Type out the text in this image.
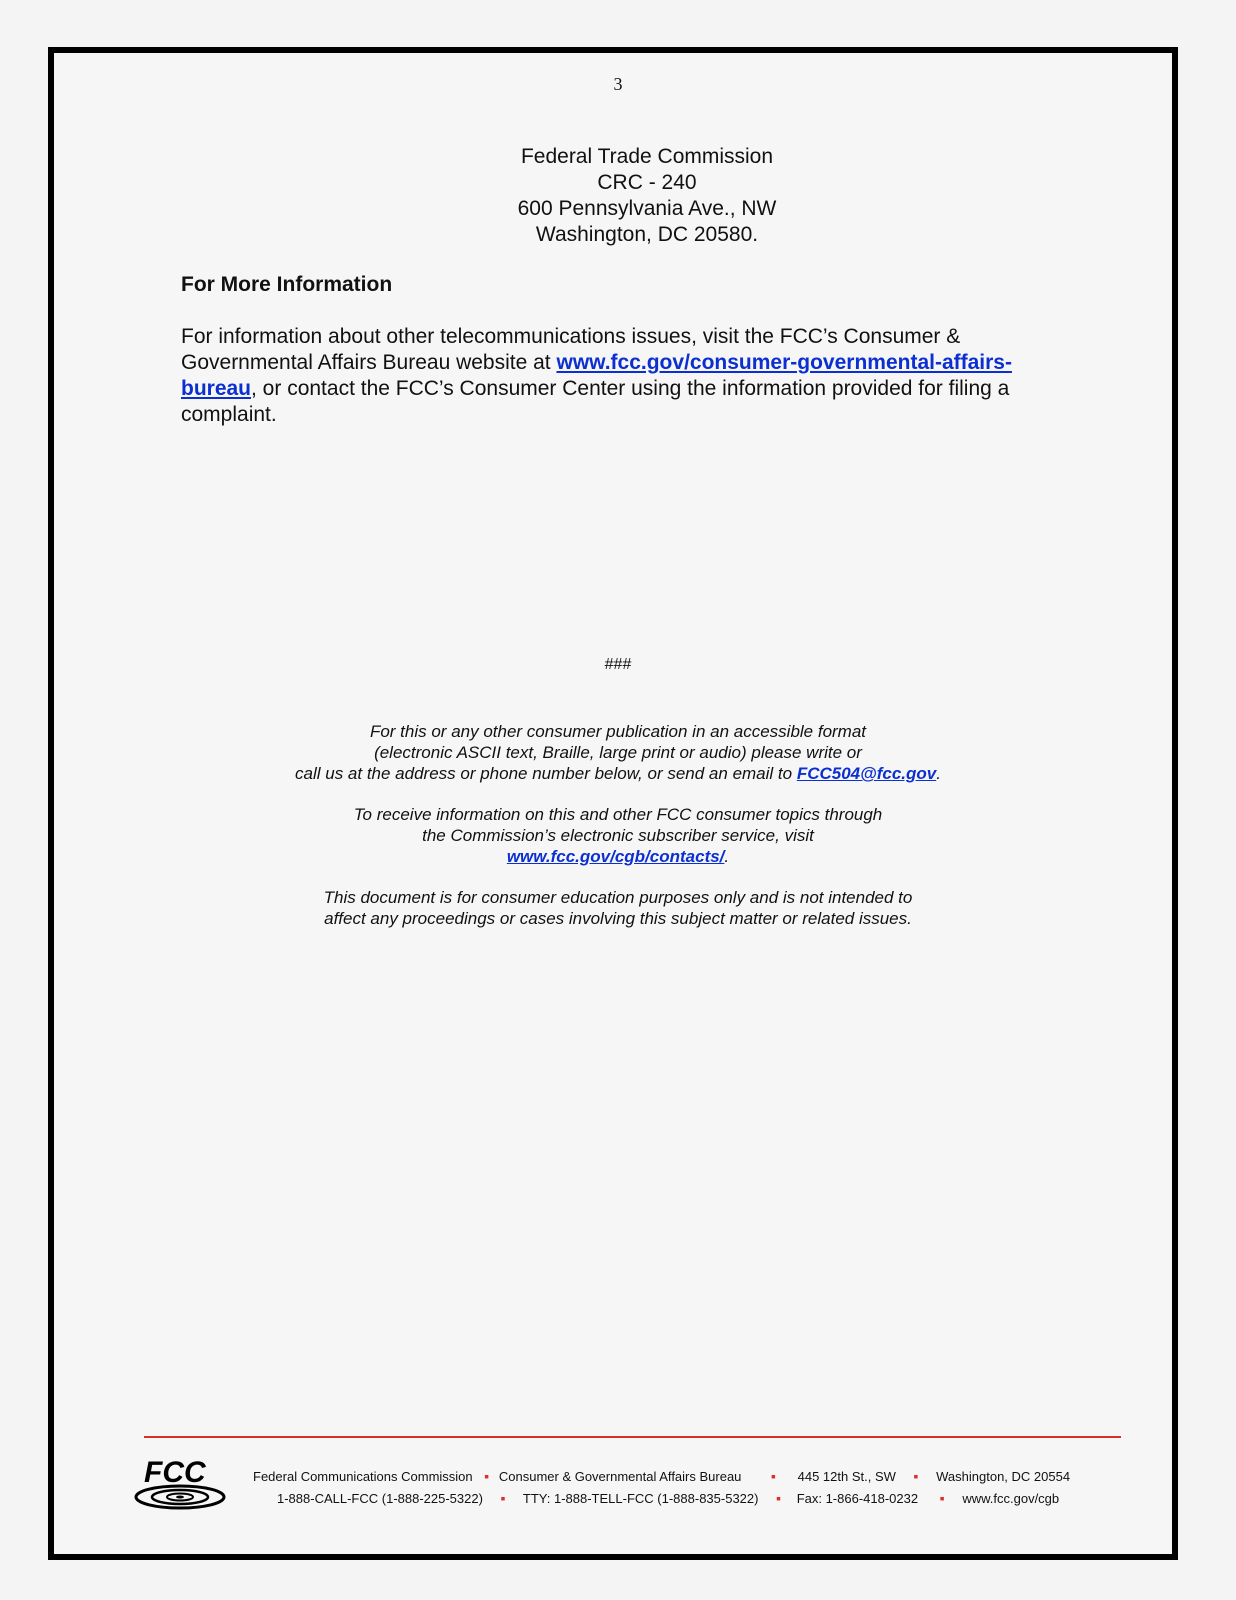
3
Federal Trade Commission
CRC - 240
600 Pennsylvania Ave., NW
Washington, DC 20580.
For More Information

For information about other telecommunications issues, visit the FCC’s Consumer & Governmental Affairs Bureau website at www.fcc.gov/consumer-governmental-affairs-bureau, or contact the FCC’s Consumer Center using the information provided for filing a complaint.

###

For this or any other consumer publication in an accessible format
(electronic ASCII text, Braille, large print or audio) please write or
call us at the address or phone number below, or send an email to FCC504@fcc.gov.

To receive information on this and other FCC consumer topics through
the Commission’s electronic subscriber service, visit
www.fcc.gov/cgb/contacts/.

This document is for consumer education purposes only and is not intended to
affect any proceedings or cases involving this subject matter or related issues.

FCC	Federal Communications Commission ▪ Consumer & Governmental Affairs Bureau ▪ 445 12th St., SW ▪ Washington, DC 20554
1-888-CALL-FCC (1-888-225-5322) ▪ TTY: 1-888-TELL-FCC (1-888-835-5322) ▪ Fax: 1-866-418-0232 ▪ www.fcc.gov/cgb
